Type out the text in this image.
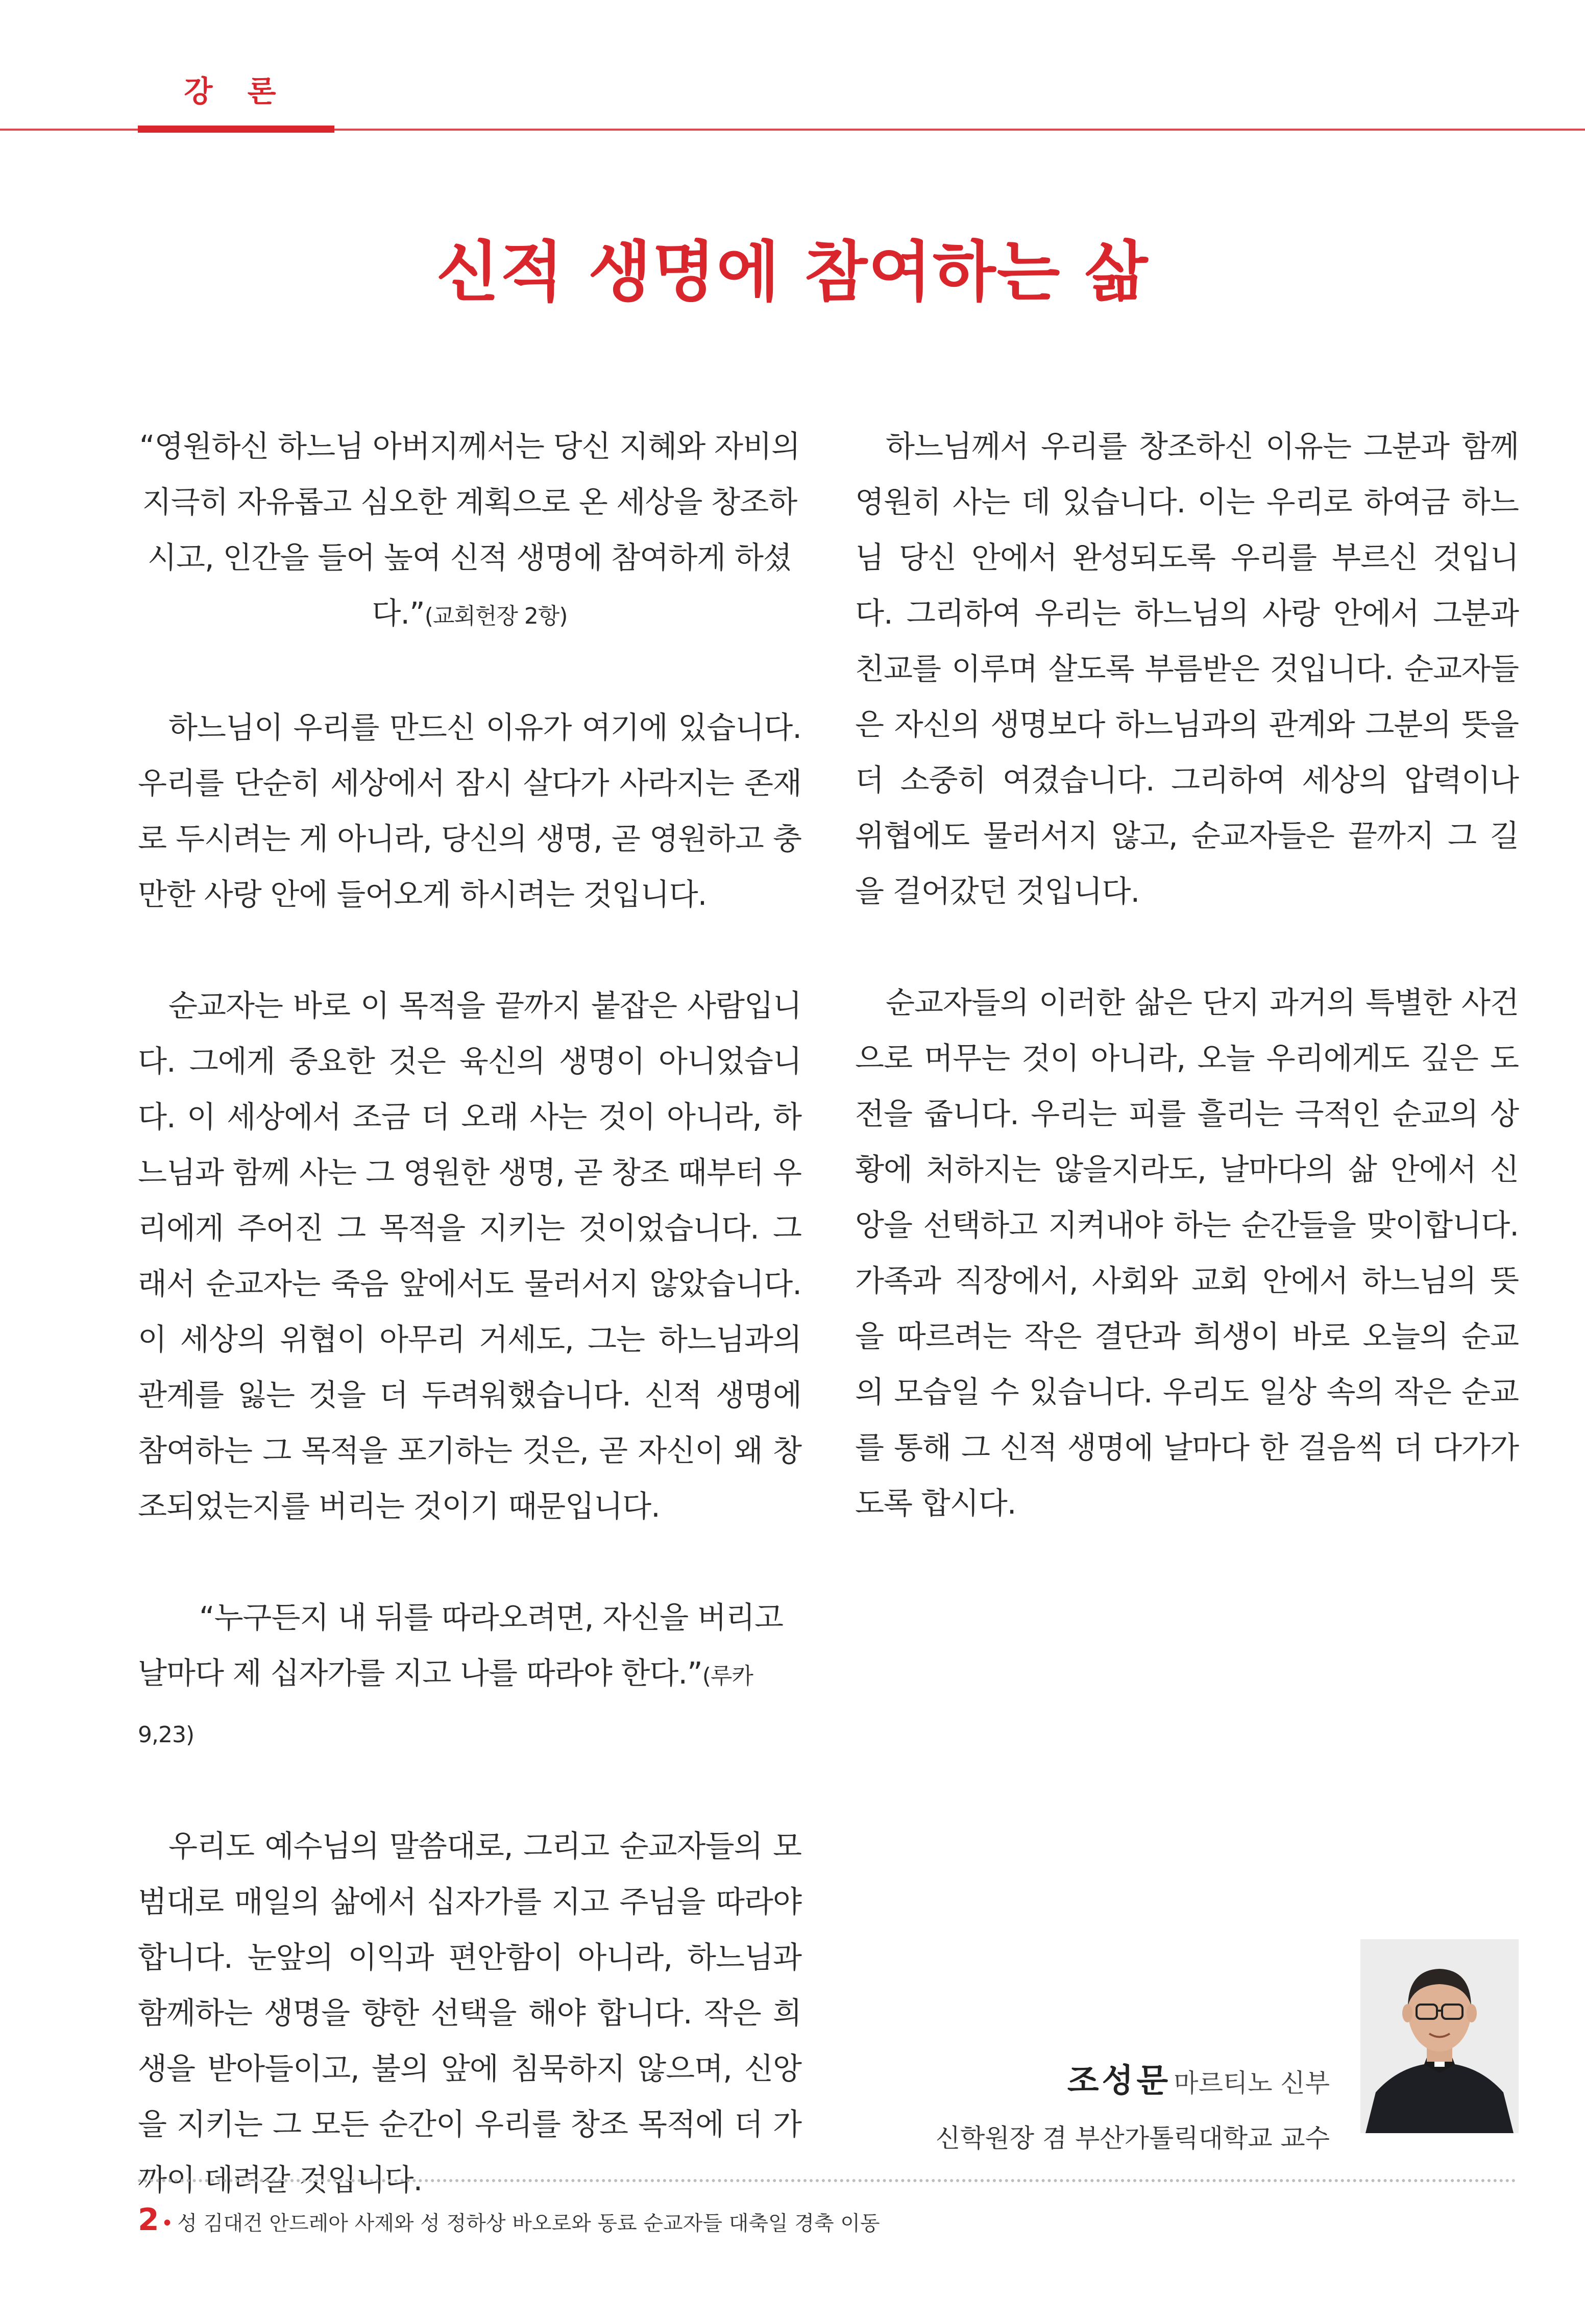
강 론
신적 생명에 참여하는 삶

“영원하신 하느님 아버지께서는 당신 지혜와 자비의 지극히 자유롭고 심오한 계획으로 온 세상을 창조하시고, 인간을 들어 높여 신적 생명에 참여하게 하셨다.”(교회헌장 2항)

하느님이 우리를 만드신 이유가 여기에 있습니다. 우리를 단순히 세상에서 잠시 살다가 사라지는 존재로 두시려는 게 아니라, 당신의 생명, 곧 영원하고 충만한 사랑 안에 들어오게 하시려는 것입니다.

순교자는 바로 이 목적을 끝까지 붙잡은 사람입니다. 그에게 중요한 것은 육신의 생명이 아니었습니다. 이 세상에서 조금 더 오래 사는 것이 아니라, 하느님과 함께 사는 그 영원한 생명, 곧 창조 때부터 우리에게 주어진 그 목적을 지키는 것이었습니다. 그래서 순교자는 죽음 앞에서도 물러서지 않았습니다. 이 세상의 위협이 아무리 거세도, 그는 하느님과의 관계를 잃는 것을 더 두려워했습니다. 신적 생명에 참여하는 그 목적을 포기하는 것은, 곧 자신이 왜 창조되었는지를 버리는 것이기 때문입니다.

“누구든지 내 뒤를 따라오려면, 자신을 버리고
날마다 제 십자가를 지고 나를 따라야 한다.”(루카 9,23)

우리도 예수님의 말씀대로, 그리고 순교자들의 모범대로 매일의 삶에서 십자가를 지고 주님을 따라야 합니다. 눈앞의 이익과 편안함이 아니라, 하느님과 함께하는 생명을 향한 선택을 해야 합니다. 작은 희생을 받아들이고, 불의 앞에 침묵하지 않으며, 신앙을 지키는 그 모든 순간이 우리를 창조 목적에 더 가까이 데려갈 것입니다.

하느님께서 우리를 창조하신 이유는 그분과 함께 영원히 사는 데 있습니다. 이는 우리로 하여금 하느님 당신 안에서 완성되도록 우리를 부르신 것입니다. 그리하여 우리는 하느님의 사랑 안에서 그분과 친교를 이루며 살도록 부름받은 것입니다. 순교자들은 자신의 생명보다 하느님과의 관계와 그분의 뜻을 더 소중히 여겼습니다. 그리하여 세상의 압력이나 위협에도 물러서지 않고, 순교자들은 끝까지 그 길을 걸어갔던 것입니다.

순교자들의 이러한 삶은 단지 과거의 특별한 사건으로 머무는 것이 아니라, 오늘 우리에게도 깊은 도전을 줍니다. 우리는 피를 흘리는 극적인 순교의 상황에 처하지는 않을지라도, 날마다의 삶 안에서 신앙을 선택하고 지켜내야 하는 순간들을 맞이합니다. 가족과 직장에서, 사회와 교회 안에서 하느님의 뜻을 따르려는 작은 결단과 희생이 바로 오늘의 순교의 모습일 수 있습니다. 우리도 일상 속의 작은 순교를 통해 그 신적 생명에 날마다 한 걸음씩 더 다가가도록 합시다.

조성문 마르티노 신부
신학원장 겸 부산가톨릭대학교 교수
2 • 성 김대건 안드레아 사제와 성 정하상 바오로와 동료 순교자들 대축일 경축 이동
